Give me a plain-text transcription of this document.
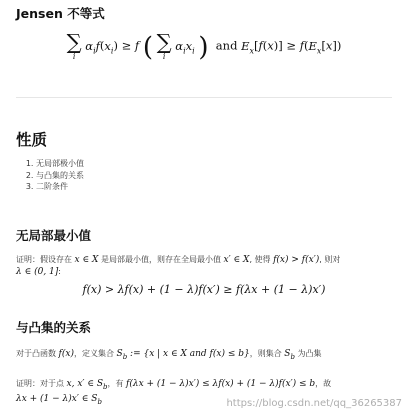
Jensen 不等式
∑
i
$\alpha_if(x_i) \ge f$ ( ∑
i
$\alpha_ix_i$ )  and $E_x[f(x)] \ge f(E_x[x])$
性质
1. 无局部极小值
2. 与凸集的关系
3. 二阶条件
无局部最小值
证明：假设存在 x ∈ X 是局部最小值，则存在全局最小值 x′ ∈ X, 使得 f(x) > f(x′), 则对
λ ∈ (0, 1]:
f(x) > λf(x) + (1 − λ)f(x′) ≥ f(λx + (1 − λ)x′)
与凸集的关系
对于凸函数 f(x)，定义集合 $S_b$ := {x | x ∈ X and f(x) ≤ b}，则集合 $S_b$ 为凸集
证明：对于点 x, x′ ∈ $S_b$，有 f(λx + (1 − λ)x′) ≤ λf(x) + (1 − λ)f(x′) ≤ b，故
λx + (1 − λ)x′ ∈ $S_b$	https://blog.csdn.net/qq_36265387
